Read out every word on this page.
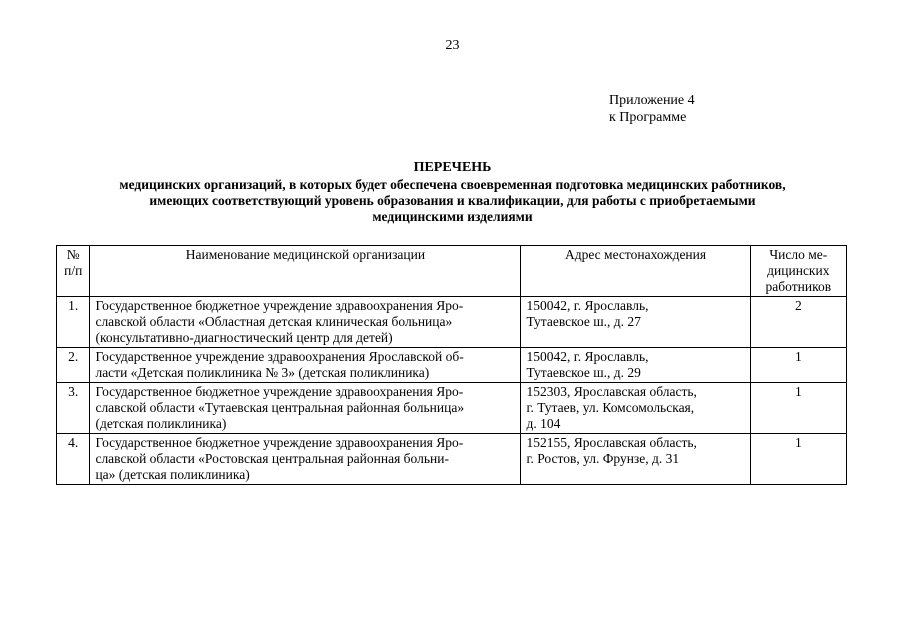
23
Приложение 4
к Программе
ПЕРЕЧЕНЬ
медицинских организаций, в которых будет обеспечена своевременная подготовка медицинских работников,
имеющих соответствующий уровень образования и квалификации, для работы с приобретаемыми
медицинскими изделиями
№
п/п	Наименование медицинской организации	Адрес местонахождения	Число ме-
дицинских
работников

1.	Государственное бюджетное учреждение здравоохранения Яро-
славской области «Областная детская клиническая больница»
(консультативно-диагностический центр для детей)	150042, г. Ярославль,
Тутаевское ш., д. 27	2
2.	Государственное учреждение здравоохранения Ярославской об-
ласти «Детская поликлиника № 3» (детская поликлиника)	150042, г. Ярославль,
Тутаевское ш., д. 29	1
3.	Государственное бюджетное учреждение здравоохранения Яро-
славской области «Тутаевская центральная районная больница»
(детская поликлиника)	152303, Ярославская область,
г. Тутаев, ул. Комсомольская,
д. 104	1
4.	Государственное бюджетное учреждение здравоохранения Яро-
славской области «Ростовская центральная районная больни-
ца» (детская поликлиника)	152155, Ярославская область,
г. Ростов, ул. Фрунзе, д. 31	1
